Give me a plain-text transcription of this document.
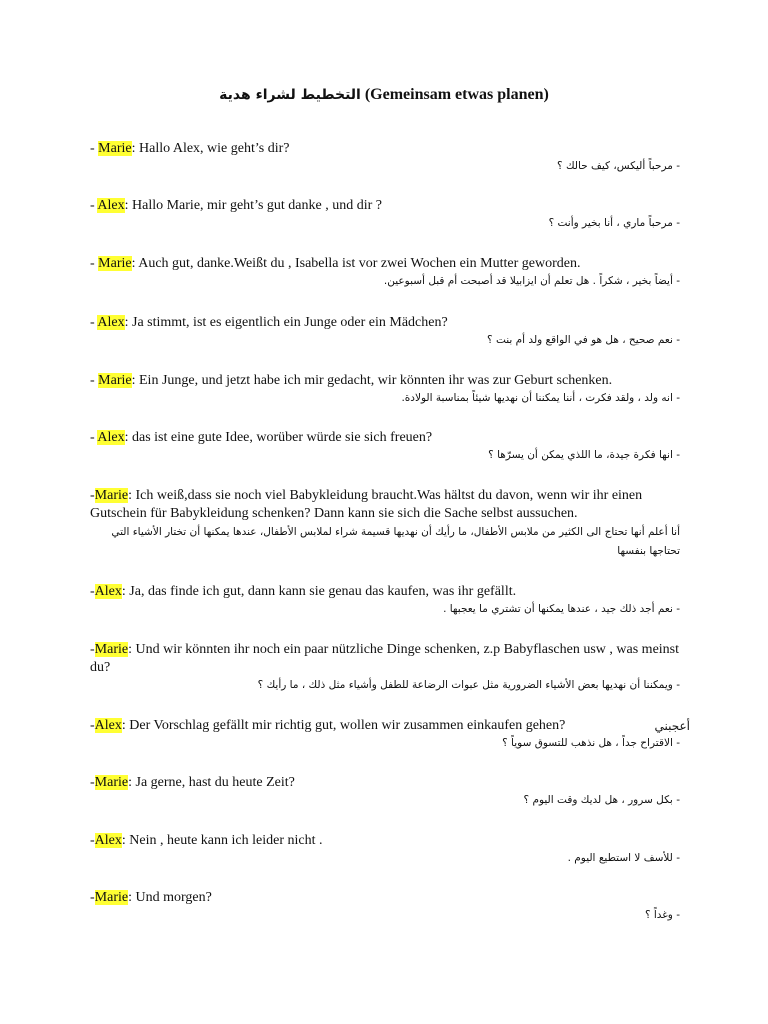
التخطيط لشراء هدية (Gemeinsam etwas planen)
- Marie: Hallo Alex, wie geht’s dir?
- مرحباً أليكس، كيف حالك ؟
- Alex: Hallo Marie, mir geht’s gut danke , und dir ?
- مرحباً ماري ، أنا بخير وأنت ؟
- Marie: Auch gut, danke.Weißt du , Isabella ist vor zwei Wochen ein Mutter geworden.
- أيضاً بخير ، شكراً . هل تعلم أن ايزابيلا قد أصبحت أم قبل أسبوعين.
- Alex: Ja stimmt, ist es eigentlich ein Junge oder ein Mädchen?
- نعم صحيح ، هل هو في الواقع ولد أم بنت ؟
- Marie: Ein Junge, und jetzt habe ich mir gedacht, wir könnten ihr was zur Geburt schenken.
- انه ولد ، ولقد فكرت ، أننا يمكننا أن نهديها شيئاً بمناسبة الولادة.
- Alex: das ist eine gute Idee, worüber würde sie sich freuen?
- انها فكرة جيدة، ما اللذي يمكن أن يسرّها ؟
-Marie: Ich weiß,dass sie noch viel Babykleidung braucht.Was hältst du davon, wenn wir ihr einen Gutschein für Babykleidung schenken? Dann kann sie sich die Sache selbst aussuchen.
أنا أعلم أنها تحتاج الى الكثير من ملابس الأطفال، ما رأيك أن نهديها قسيمة شراء لملابس الأطفال، عندها يمكنها أن تختار الأشياء التي تحتاجها بنفسها
-Alex: Ja, das finde ich gut, dann kann sie genau das kaufen, was ihr gefällt.
- نعم أجد ذلك جيد ، عندها يمكنها أن تشتري ما يعجبها .
-Marie: Und wir könnten ihr noch ein paar nützliche Dinge schenken, z.p Babyflaschen usw , was meinst du?
- ويمكننا أن نهديها بعض الأشياء الضرورية مثل عبوات الرضاعة للطفل وأشياء مثل ذلك ، ما رأيك ؟
-Alex: Der Vorschlag gefällt mir richtig gut, wollen wir zusammen einkaufen gehen?	أعجبني
- الاقتراح جداً ، هل نذهب للتسوق سوياً ؟
-Marie: Ja gerne, hast du heute Zeit?
- بكل سرور ، هل لديك وقت اليوم ؟
-Alex: Nein , heute kann ich leider nicht .
- للأسف لا استطيع اليوم .
-Marie: Und morgen?
- وغداً ؟
